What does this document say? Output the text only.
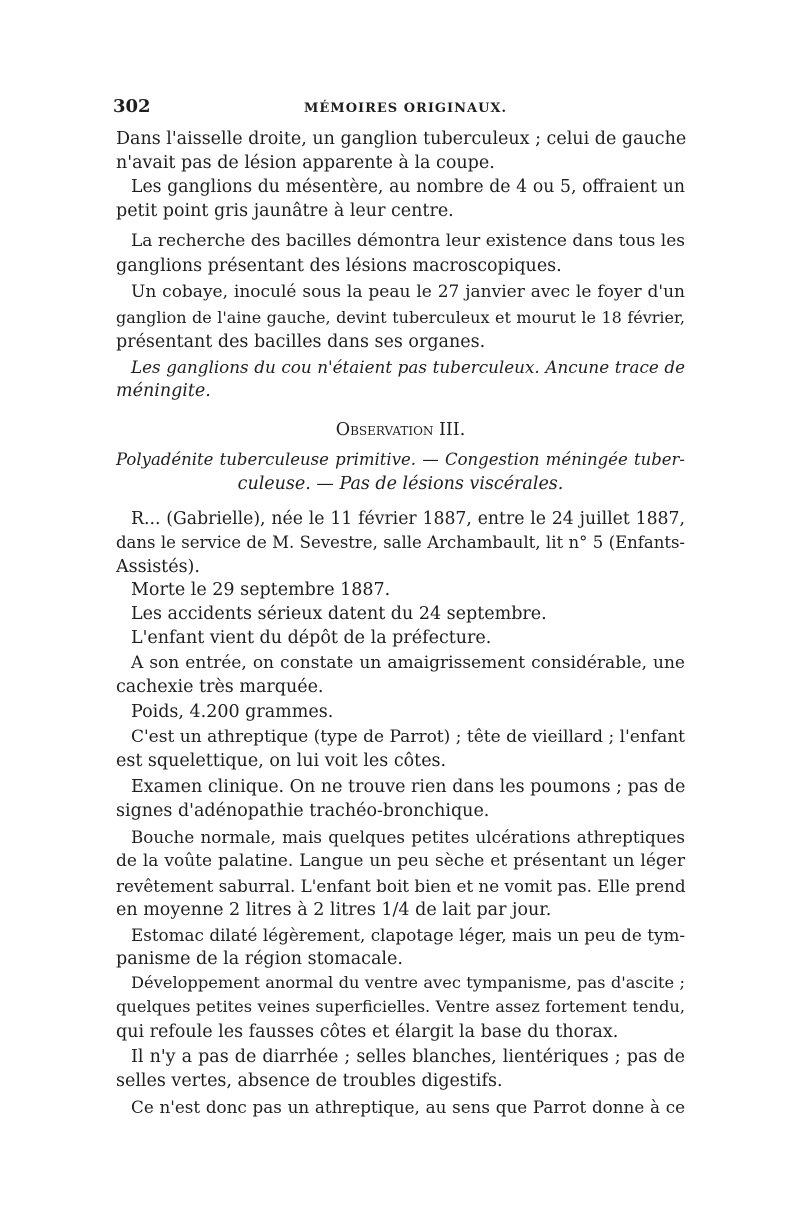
302	MÉMOIRES ORIGINAUX.
Dans l'aisselle droite, un ganglion tuberculeux ; celui de gauche
n'avait pas de lésion apparente à la coupe.
Les ganglions du mésentère, au nombre de 4 ou 5, offraient un
petit point gris jaunâtre à leur centre.
La recherche des bacilles démontra leur existence dans tous les
ganglions présentant des lésions macroscopiques.
Un cobaye, inoculé sous la peau le 27 janvier avec le foyer d'un
ganglion de l'aine gauche, devint tuberculeux et mourut le 18 février,
présentant des bacilles dans ses organes.
Les ganglions du cou n'étaient pas tuberculeux. Ancune trace de
méningite.
Observation III.
Polyadénite tuberculeuse primitive. — Congestion méningée tuber-
culeuse. — Pas de lésions viscérales.
R... (Gabrielle), née le 11 février 1887, entre le 24 juillet 1887,
dans le service de M. Sevestre, salle Archambault, lit n° 5 (Enfants-
Assistés).
Morte le 29 septembre 1887.
Les accidents sérieux datent du 24 septembre.
L'enfant vient du dépôt de la préfecture.
A son entrée, on constate un amaigrissement considérable, une
cachexie très marquée.
Poids, 4.200 grammes.
C'est un athreptique (type de Parrot) ; tête de vieillard ; l'enfant
est squelettique, on lui voit les côtes.
Examen clinique. On ne trouve rien dans les poumons ; pas de
signes d'adénopathie trachéo-bronchique.
Bouche normale, mais quelques petites ulcérations athreptiques
de la voûte palatine. Langue un peu sèche et présentant un léger
revêtement saburral. L'enfant boit bien et ne vomit pas. Elle prend
en moyenne 2 litres à 2 litres 1/4 de lait par jour.
Estomac dilaté légèrement, clapotage léger, mais un peu de tym-
panisme de la région stomacale.
Développement anormal du ventre avec tympanisme, pas d'ascite ;
quelques petites veines superficielles. Ventre assez fortement tendu,
qui refoule les fausses côtes et élargit la base du thorax.
Il n'y a pas de diarrhée ; selles blanches, lientériques ; pas de
selles vertes, absence de troubles digestifs.
Ce n'est donc pas un athreptique, au sens que Parrot donne à ce
